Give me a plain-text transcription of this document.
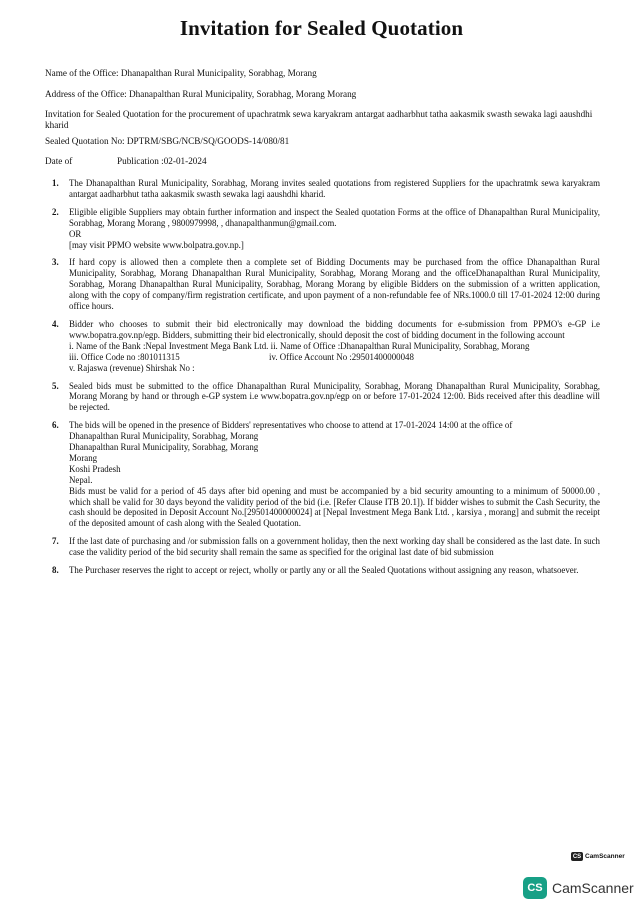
Invitation for Sealed Quotation
Name of the Office: Dhanapalthan Rural Municipality, Sorabhag, Morang
Address of the Office: Dhanapalthan Rural Municipality, Sorabhag, Morang Morang
Invitation for Sealed Quotation for the procurement of upachratmk sewa karyakram antargat aadharbhut tatha aakasmik swasth sewaka lagi aaushdhi kharid
Sealed Quotation No: DPTRM/SBG/NCB/SQ/GOODS-14/080/81
Date of	Publication :02-01-2024
1. The Dhanapalthan Rural Municipality, Sorabhag, Morang invites sealed quotations from registered Suppliers for the upachratmk sewa karyakram antargat aadharbhut tatha aakasmik swasth sewaka lagi aaushdhi kharid.
2. Eligible eligible Suppliers may obtain further information and inspect the Sealed quotation Forms at the office of Dhanapalthan Rural Municipality, Sorabhag, Morang Morang , 9800979998, , dhanapalthanmun@gmail.com.
OR
[may visit PPMO website www.bolpatra.gov.np.]
3. If hard copy is allowed then a complete then a complete set of Bidding Documents may be purchased from the office Dhanapalthan Rural Municipality, Sorabhag, Morang Dhanapalthan Rural Municipality, Sorabhag, Morang Morang and the officeDhanapalthan Rural Municipality, Sorabhag, Morang Dhanapalthan Rural Municipality, Sorabhag, Morang Morang by eligible Bidders on the submission of a written application, along with the copy of company/firm registration certificate, and upon payment of a non-refundable fee of NRs.1000.0 till 17-01-2024 12:00 during office hours.
4. Bidder who chooses to submit their bid electronically may download the bidding documents for e-submission from PPMO's e-GP i.e www.bopatra.gov.np/egp. Bidders, submitting their bid electronically, should deposit the cost of bidding document in the following account
i. Name of the Bank :Nepal Investment Mega Bank Ltd. ii. Name of Office :Dhanapalthan Rural Municipality, Sorabhag, Morang
iii. Office Code no :801011315	iv. Office Account No :29501400000048
v. Rajaswa (revenue) Shirshak No :
5. Sealed bids must be submitted to the office Dhanapalthan Rural Municipality, Sorabhag, Morang Dhanapalthan Rural Municipality, Sorabhag, Morang Morang by hand or through e-GP system i.e www.bopatra.gov.np/egp on or before 17-01-2024 12:00. Bids received after this deadline will be rejected.
6. The bids will be opened in the presence of Bidders' representatives who choose to attend at 17-01-2024 14:00 at the office of
Dhanapalthan Rural Municipality, Sorabhag, Morang
Dhanapalthan Rural Municipality, Sorabhag, Morang
Morang
Koshi Pradesh
Nepal.
Bids must be valid for a period of 45 days after bid opening and must be accompanied by a bid security amounting to a minimum of 50000.00 , which shall be valid for 30 days beyond the validity period of the bid (i.e. [Refer Clause ITB 20.1]). If bidder wishes to submit the Cash Security, the cash should be deposited in Deposit Account No.[29501400000024] at [Nepal Investment Mega Bank Ltd. , karsiya , morang] and submit the receipt of the deposited amount of cash along with the Sealed Quotation.
7. If the last date of purchasing and /or submission falls on a government holiday, then the next working day shall be considered as the last date. In such case the validity period of the bid security shall remain the same as specified for the original last date of bid submission
8. The Purchaser reserves the right to accept or reject, wholly or partly any or all the Sealed Quotations without assigning any reason, whatsoever.
CS CamScanner
CS CamScanner
